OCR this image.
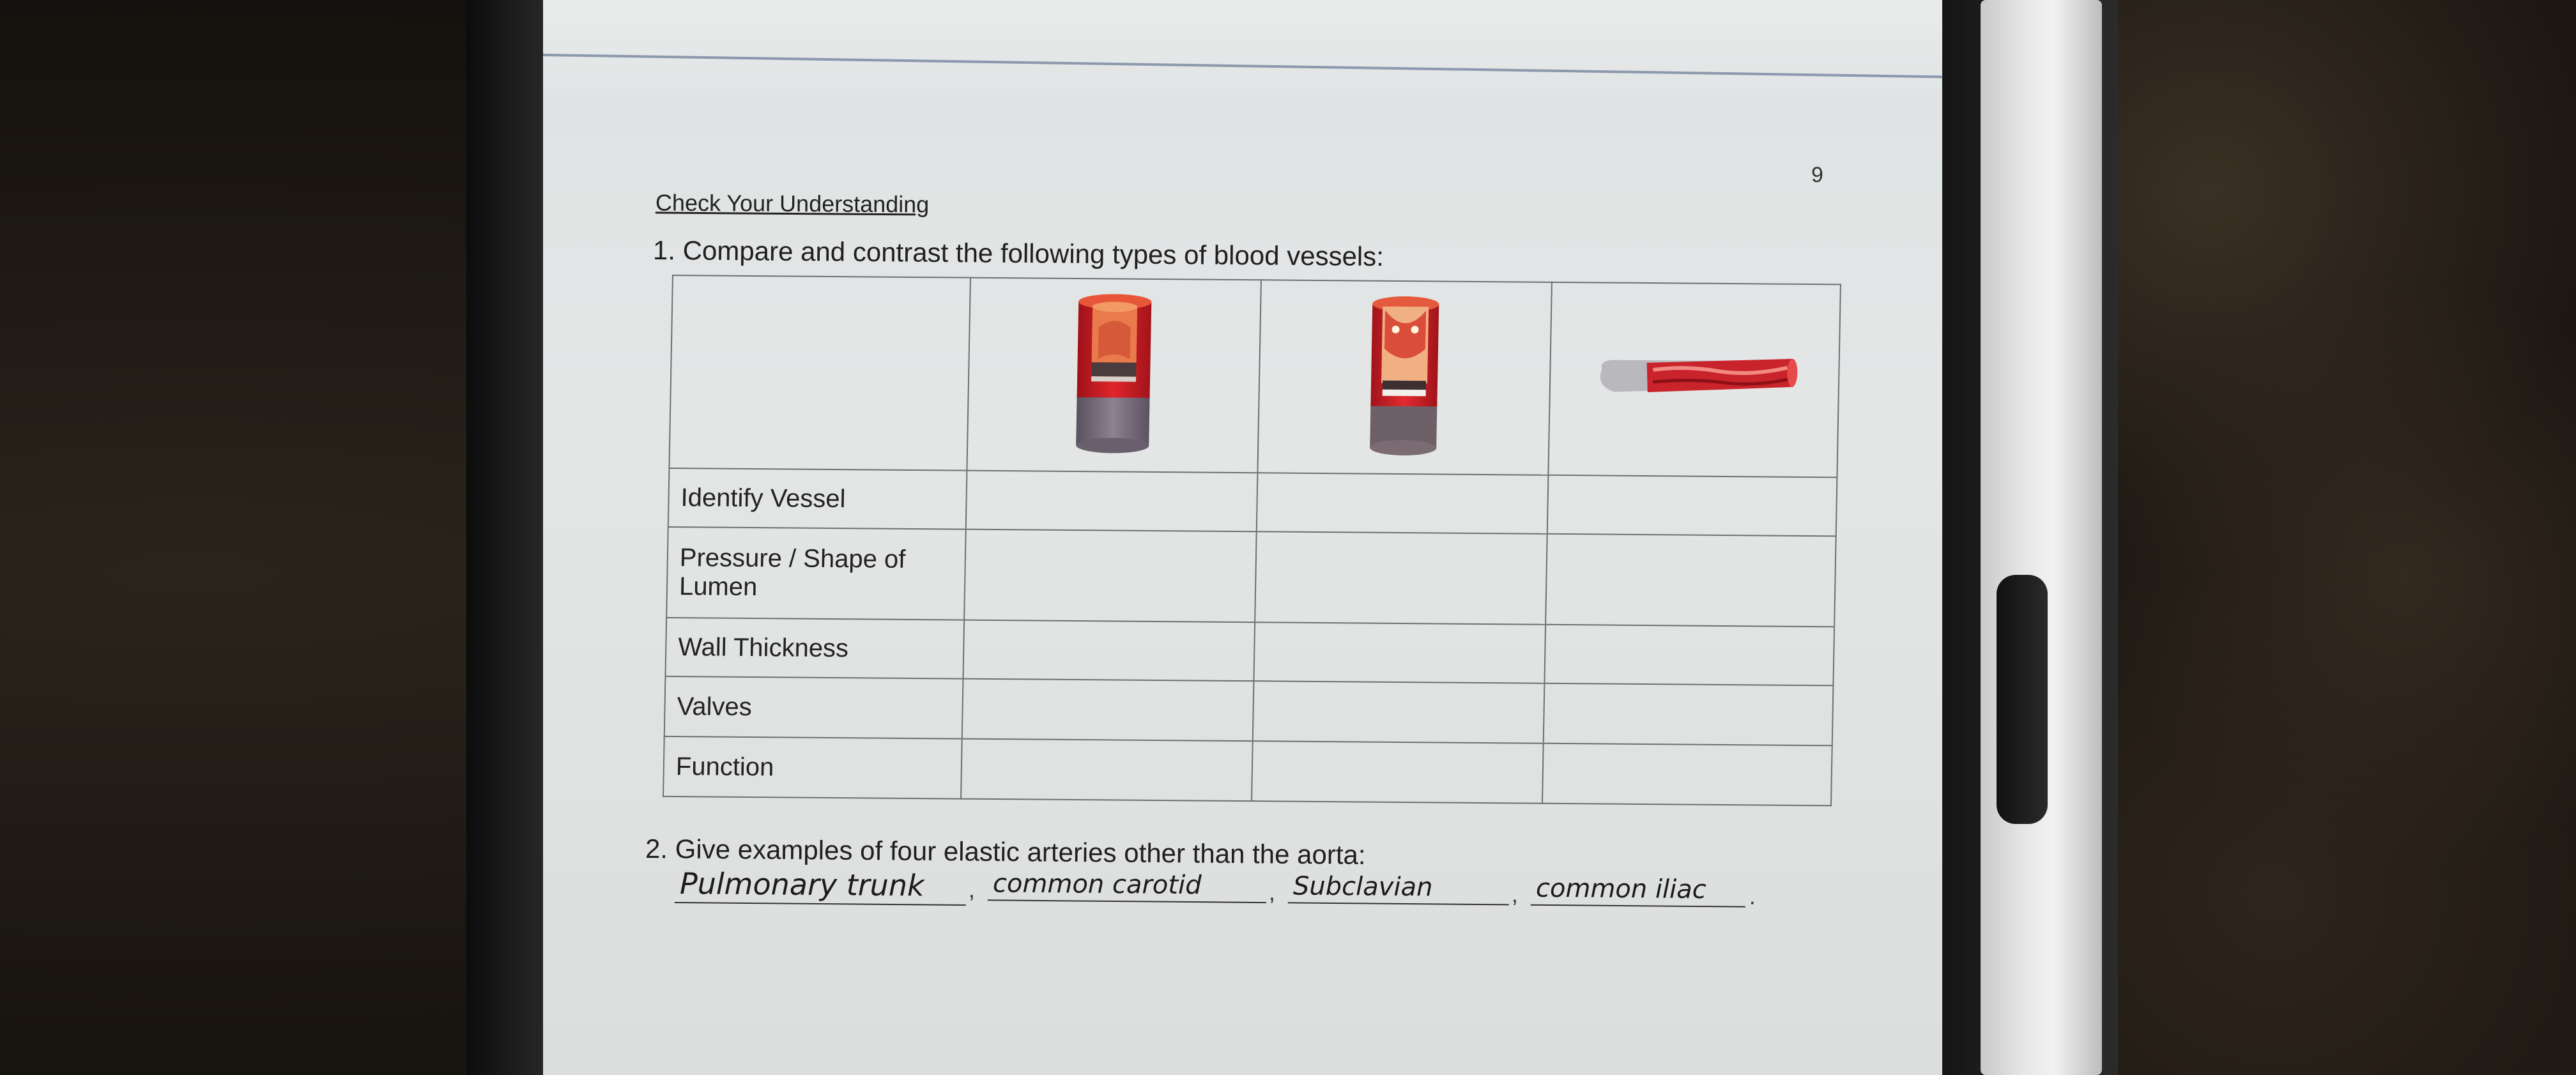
9
Check Your Understanding
1. Compare and contrast the following types of blood vessels:

Identify Vessel			
Pressure / Shape of Lumen			
Wall Thickness			
Valves			
Function			
2. Give examples of four elastic arteries other than the aorta:
Pulmonary trunk	, common carotid	, Subclavian	, common iliac	.
